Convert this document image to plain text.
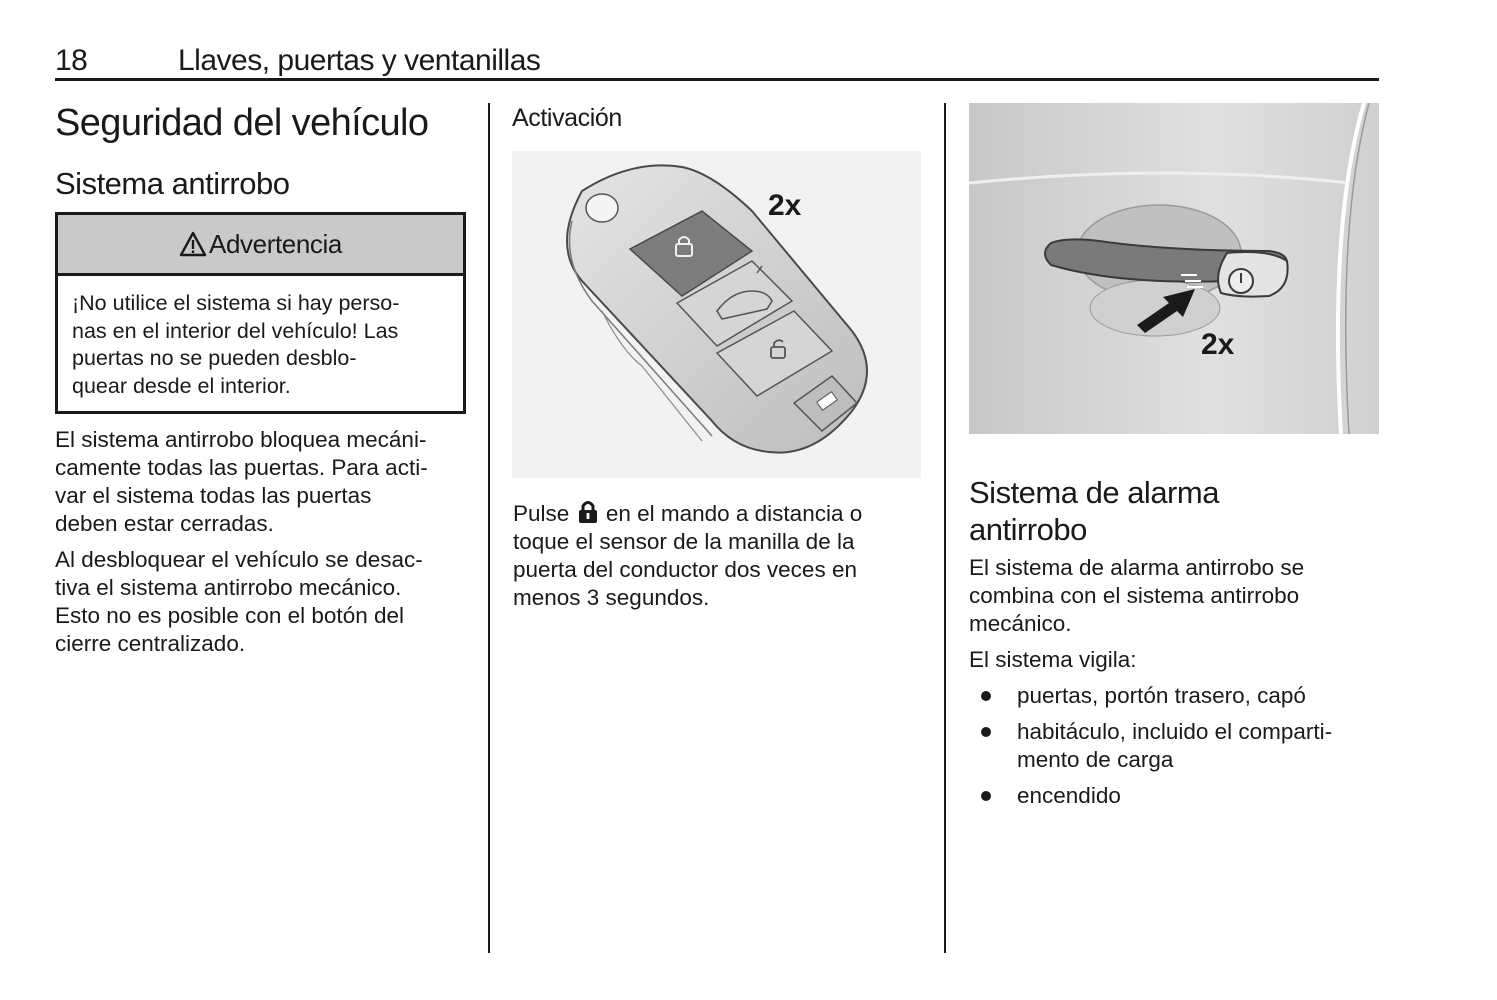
18	Llaves, puertas y ventanillas
Seguridad del vehículo
Sistema antirrobo
Advertencia
¡No utilice el sistema si hay perso-
nas en el interior del vehículo! Las
puertas no se pueden desblo-
quear desde el interior.
El sistema antirrobo bloquea mecáni-
camente todas las puertas. Para acti-
var el sistema todas las puertas
deben estar cerradas.
Al desbloquear el vehículo se desac-
tiva el sistema antirrobo mecánico.
Esto no es posible con el botón del
cierre centralizado.
Activación
2x
Pulse  en el mando a distancia o
toque el sensor de la manilla de la
puerta del conductor dos veces en
menos 3 segundos.
2x
Sistema de alarma
antirrobo
El sistema de alarma antirrobo se
combina con el sistema antirrobo
mecánico.
El sistema vigila:
puertas, portón trasero, capó
habitáculo, incluido el comparti-
mento de carga
encendido
